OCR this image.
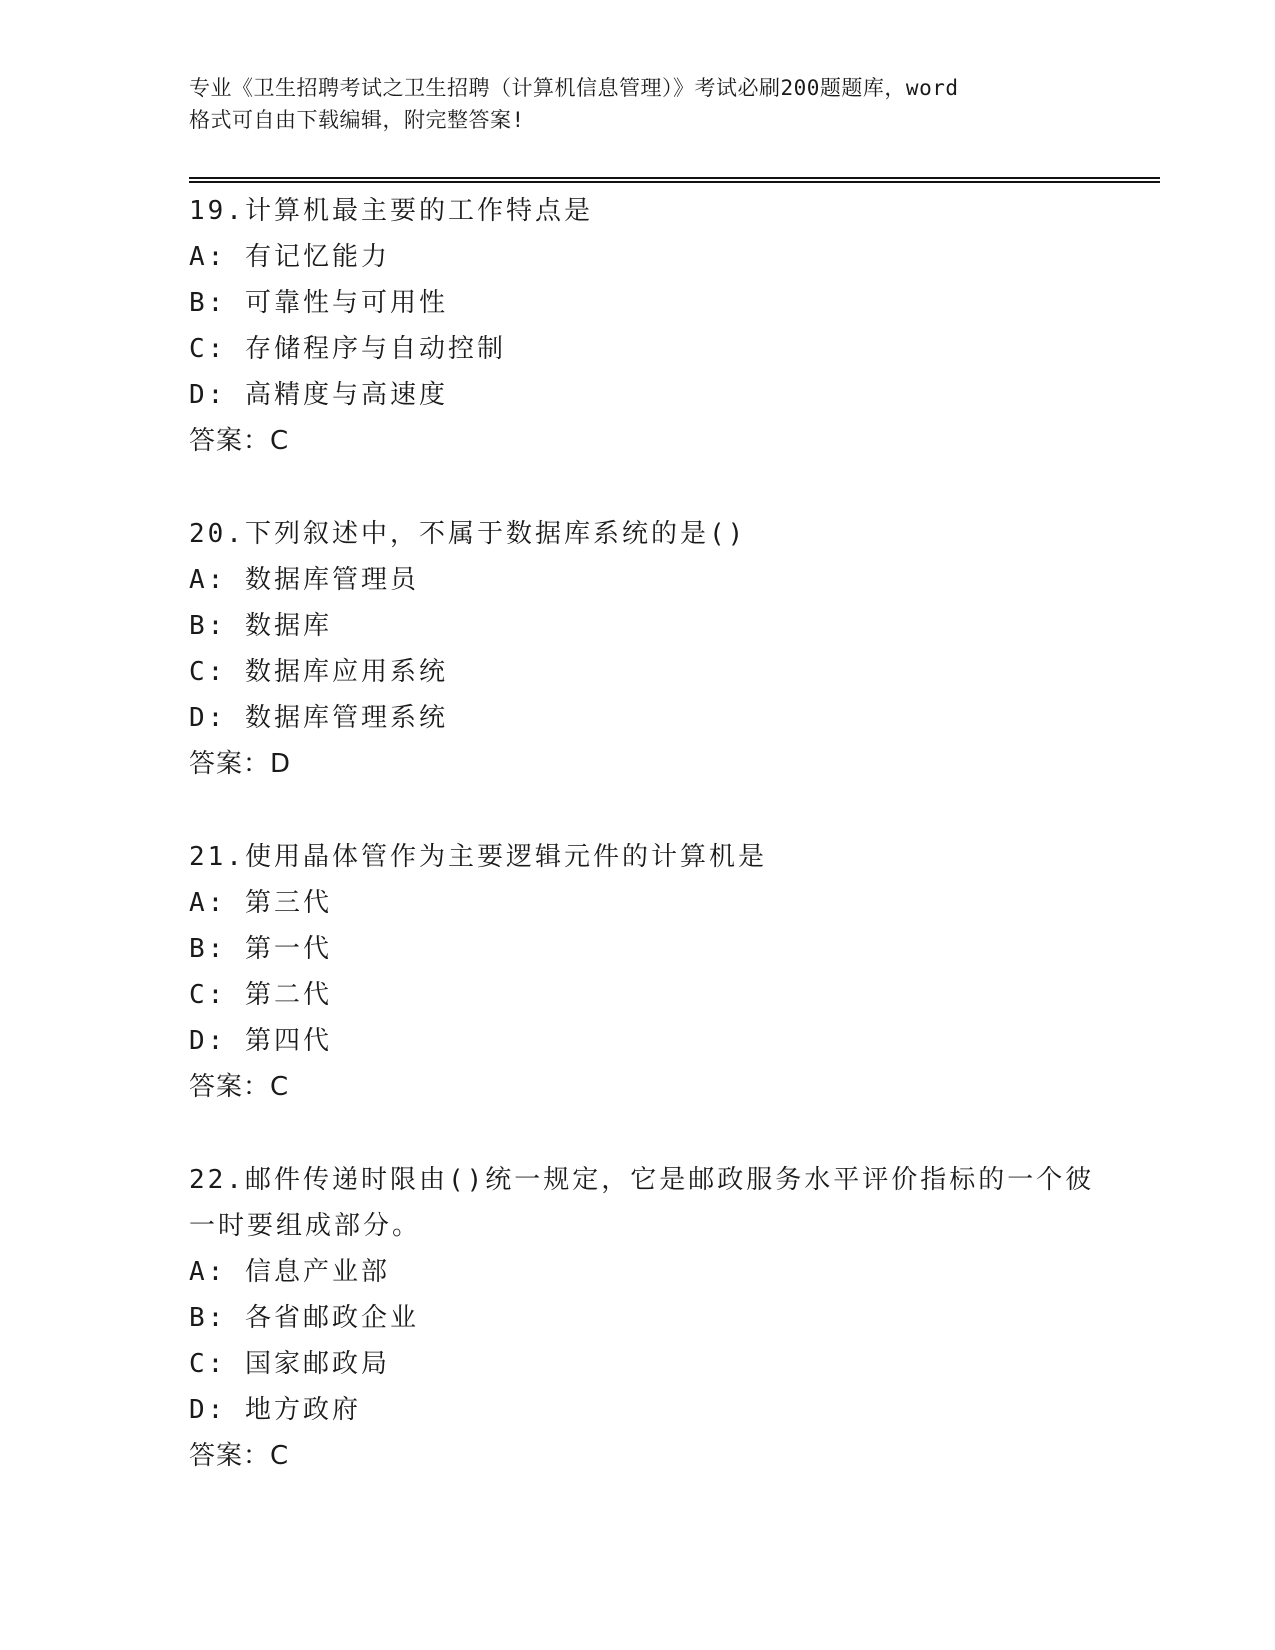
专业《卫生招聘考试之卫生招聘（计算机信息管理）》考试必刷200题题库，word
格式可自由下载编辑，附完整答案!
19.计算机最主要的工作特点是
A: 有记忆能力
B: 可靠性与可用性
C: 存储程序与自动控制
D: 高精度与高速度
答案：C
20.下列叙述中，不属于数据库系统的是()
A: 数据库管理员
B: 数据库
C: 数据库应用系统
D: 数据库管理系统
答案：D
21.使用晶体管作为主要逻辑元件的计算机是
A: 第三代
B: 第一代
C: 第二代
D: 第四代
答案：C
22.邮件传递时限由()统一规定，它是邮政服务水平评价指标的一个彼
一时要组成部分。
A: 信息产业部
B: 各省邮政企业
C: 国家邮政局
D: 地方政府
答案：C
